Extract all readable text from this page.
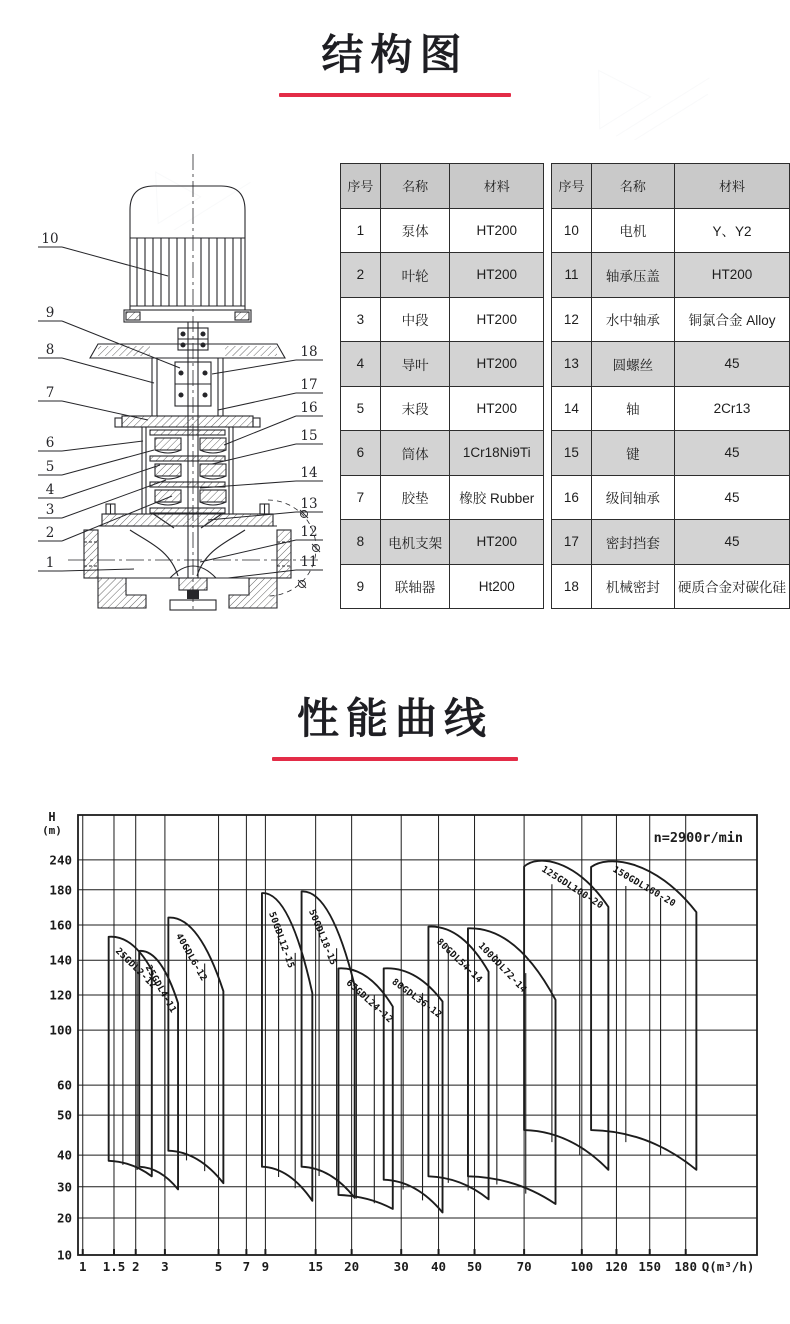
结构图
10
9
8
7
6
5
4
3
2
1
18
17
16
15
14
13
12
11
序号	名称	材料
1	泵体	HT200
2	叶轮	HT200
3	中段	HT200
4	导叶	HT200
5	末段	HT200
6	筒体	1Cr18Ni9Ti
7	胶垫	橡胶 Rubber
8	电机支架	HT200
9	联轴器	Ht200
序号	名称	材料
10	电机	Y、Y2
11	轴承压盖	HT200
12	水中轴承	铜氯合金 Alloy
13	圆螺丝	45
14	轴	2Cr13
15	键	45
16	级间轴承	45
17	密封挡套	45
18	机械密封	硬质合金对碳化硅
性能曲线
10
20
30
40
50
60
100
120
140
160
180
240
1 1.5 2 3	5 7 9	15 20	30 40 50	70	100 120 150 180
H
(m)
Q(m³/h)
n=2900r/min
25GDL2-12
25GDL4-11
40GDL6-12	50GDL12-15 50GDL18-15
65GDL24-12
80GDL36-12
80GDL54-14
100GDL72-14
125GDL100-20 150GDL160-20
